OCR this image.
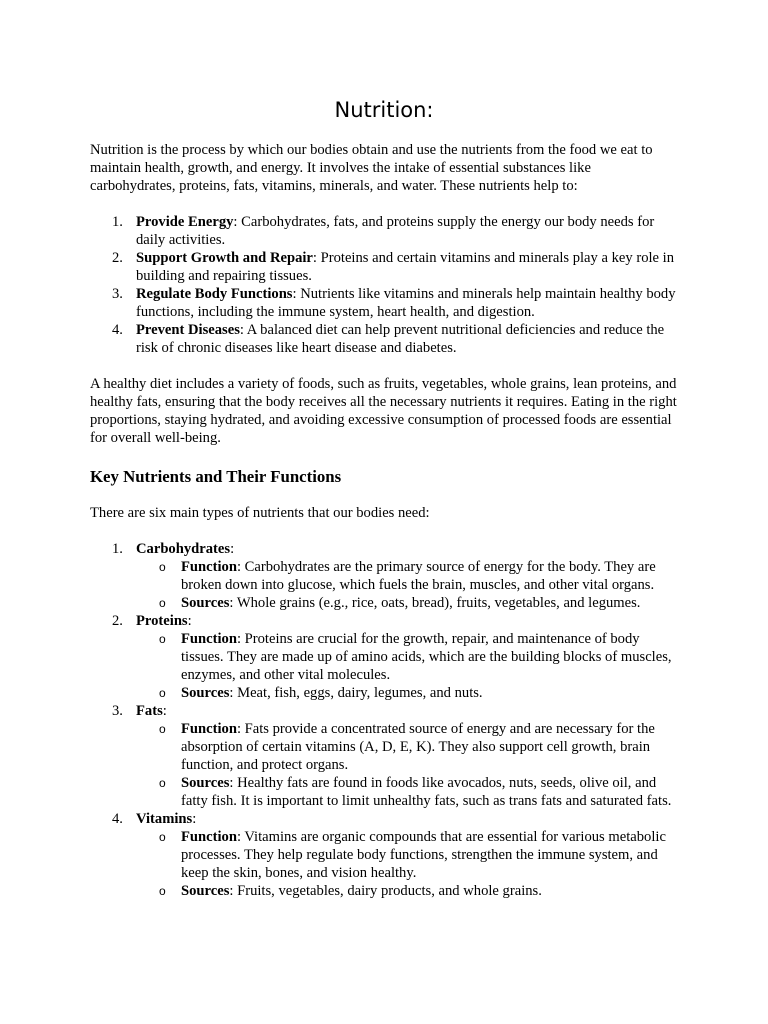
Nutrition:

Nutrition is the process by which our bodies obtain and use the nutrients from the food we eat to maintain health, growth, and energy. It involves the intake of essential substances like carbohydrates, proteins, fats, vitamins, minerals, and water. These nutrients help to:

1. Provide Energy: Carbohydrates, fats, and proteins supply the energy our body needs for daily activities.
2. Support Growth and Repair: Proteins and certain vitamins and minerals play a key role in building and repairing tissues.
3. Regulate Body Functions: Nutrients like vitamins and minerals help maintain healthy body functions, including the immune system, heart health, and digestion.
4. Prevent Diseases: A balanced diet can help prevent nutritional deficiencies and reduce the risk of chronic diseases like heart disease and diabetes.

A healthy diet includes a variety of foods, such as fruits, vegetables, whole grains, lean proteins, and healthy fats, ensuring that the body receives all the necessary nutrients it requires. Eating in the right proportions, staying hydrated, and avoiding excessive consumption of processed foods are essential for overall well-being.

Key Nutrients and Their Functions

There are six main types of nutrients that our bodies need:

1. Carbohydrates:
o Function: Carbohydrates are the primary source of energy for the body. They are broken down into glucose, which fuels the brain, muscles, and other vital organs.
o Sources: Whole grains (e.g., rice, oats, bread), fruits, vegetables, and legumes.
2. Proteins:
o Function: Proteins are crucial for the growth, repair, and maintenance of body tissues. They are made up of amino acids, which are the building blocks of muscles, enzymes, and other vital molecules.
o Sources: Meat, fish, eggs, dairy, legumes, and nuts.
3. Fats:
o Function: Fats provide a concentrated source of energy and are necessary for the absorption of certain vitamins (A, D, E, K). They also support cell growth, brain function, and protect organs.
o Sources: Healthy fats are found in foods like avocados, nuts, seeds, olive oil, and fatty fish. It is important to limit unhealthy fats, such as trans fats and saturated fats.
4. Vitamins:
o Function: Vitamins are organic compounds that are essential for various metabolic processes. They help regulate body functions, strengthen the immune system, and keep the skin, bones, and vision healthy.
o Sources: Fruits, vegetables, dairy products, and whole grains.
